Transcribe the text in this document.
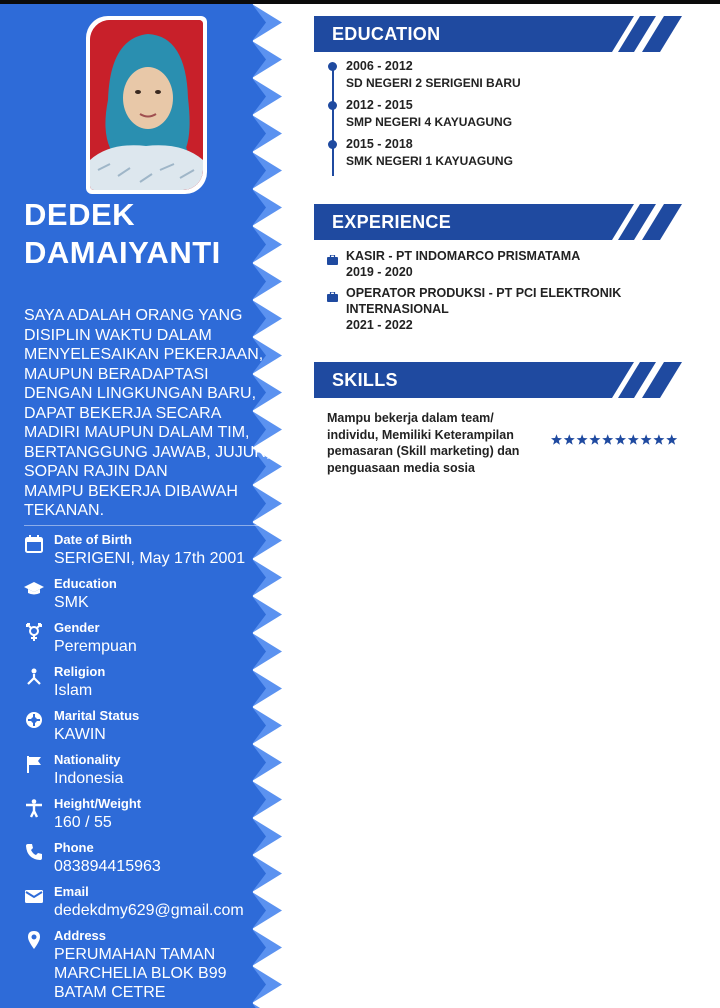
DEDEK
DAMAIYANTI
SAYA ADALAH ORANG YANG
DISIPLIN WAKTU DALAM
MENYELESAIKAN PEKERJAAN,
MAUPUN BERADAPTASI
DENGAN LINGKUNGAN BARU,
DAPAT BEKERJA SECARA
MADIRI MAUPUN DALAM TIM,
BERTANGGUNG JAWAB, JUJUR,
SOPAN RAJIN DAN
MAMPU BEKERJA DIBAWAH
TEKANAN.
Date of Birth
SERIGENI, May 17th 2001
Education
SMK
Gender
Perempuan
Religion
Islam
Marital Status
KAWIN
Nationality
Indonesia
Height/Weight
160 / 55
Phone
083894415963
Email
dedekdmy629@gmail.com
Address
PERUMAHAN TAMAN
MARCHELIA BLOK B99
BATAM CETRE
EDUCATION
2006 - 2012
SD NEGERI 2 SERIGENI BARU
2012 - 2015
SMP NEGERI 4 KAYUAGUNG
2015 - 2018
SMK NEGERI 1 KAYUAGUNG
EXPERIENCE
KASIR - PT INDOMARCO PRISMATAMA
2019 - 2020
OPERATOR PRODUKSI - PT PCI ELEKTRONIK
INTERNASIONAL
2021 - 2022
SKILLS
Mampu bekerja dalam team/
individu, Memiliki Keterampilan
pemasaran (Skill marketing) dan
penguasaan media sosia
